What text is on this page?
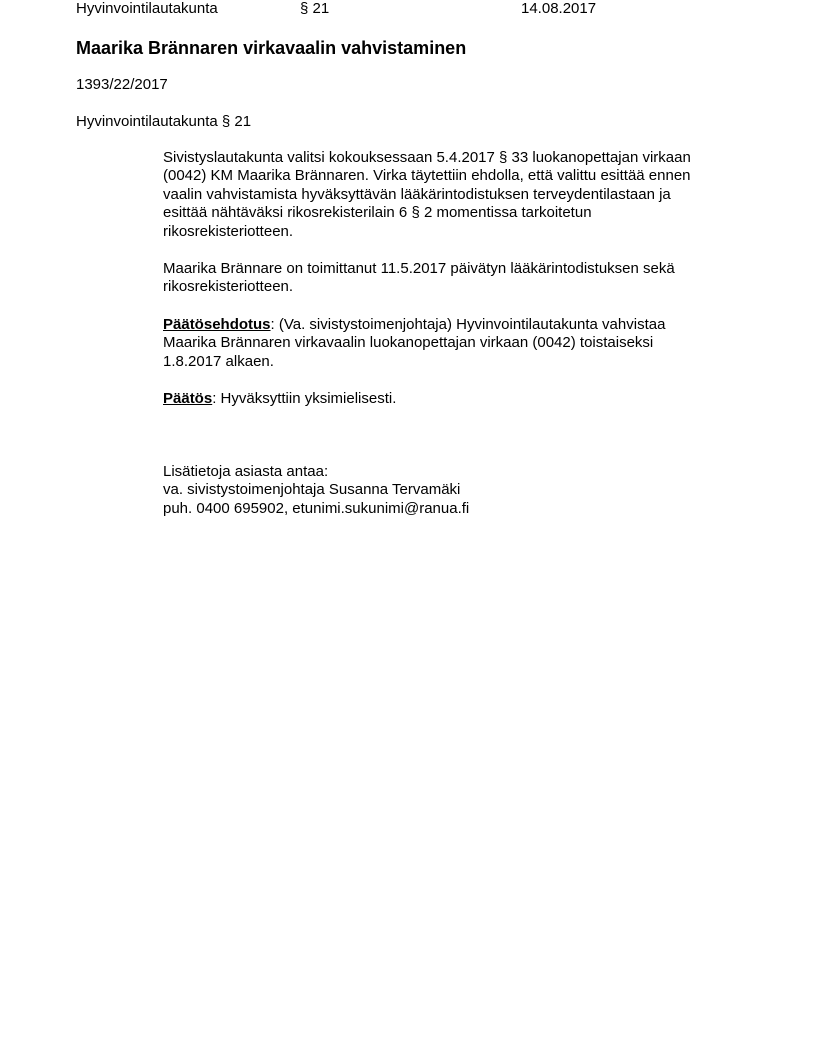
Hyvinvointilautakunta	§ 21	14.08.2017
Maarika Brännaren virkavaalin vahvistaminen
1393/22/2017
Hyvinvointilautakunta § 21

Sivistyslautakunta valitsi kokouksessaan 5.4.2017 § 33 luokanopettajan virkaan

(0042) KM Maarika Brännaren. Virka täytettiin ehdolla, että valittu esittää ennen

vaalin vahvistamista hyväksyttävän lääkärintodistuksen terveydentilastaan ja

esittää nähtäväksi rikosrekisterilain 6 § 2 momentissa tarkoitetun

rikosrekisteriotteen.

Maarika Brännare on toimittanut 11.5.2017 päivätyn lääkärintodistuksen sekä

rikosrekisteriotteen.

Päätösehdotus: (Va. sivistystoimenjohtaja) Hyvinvointilautakunta vahvistaa

Maarika Brännaren virkavaalin luokanopettajan virkaan (0042) toistaiseksi

1.8.2017 alkaen.

Päätös: Hyväksyttiin yksimielisesti.

Lisätietoja asiasta antaa:

va. sivistystoimenjohtaja Susanna Tervamäki

puh. 0400 695902, etunimi.sukunimi@ranua.fi
